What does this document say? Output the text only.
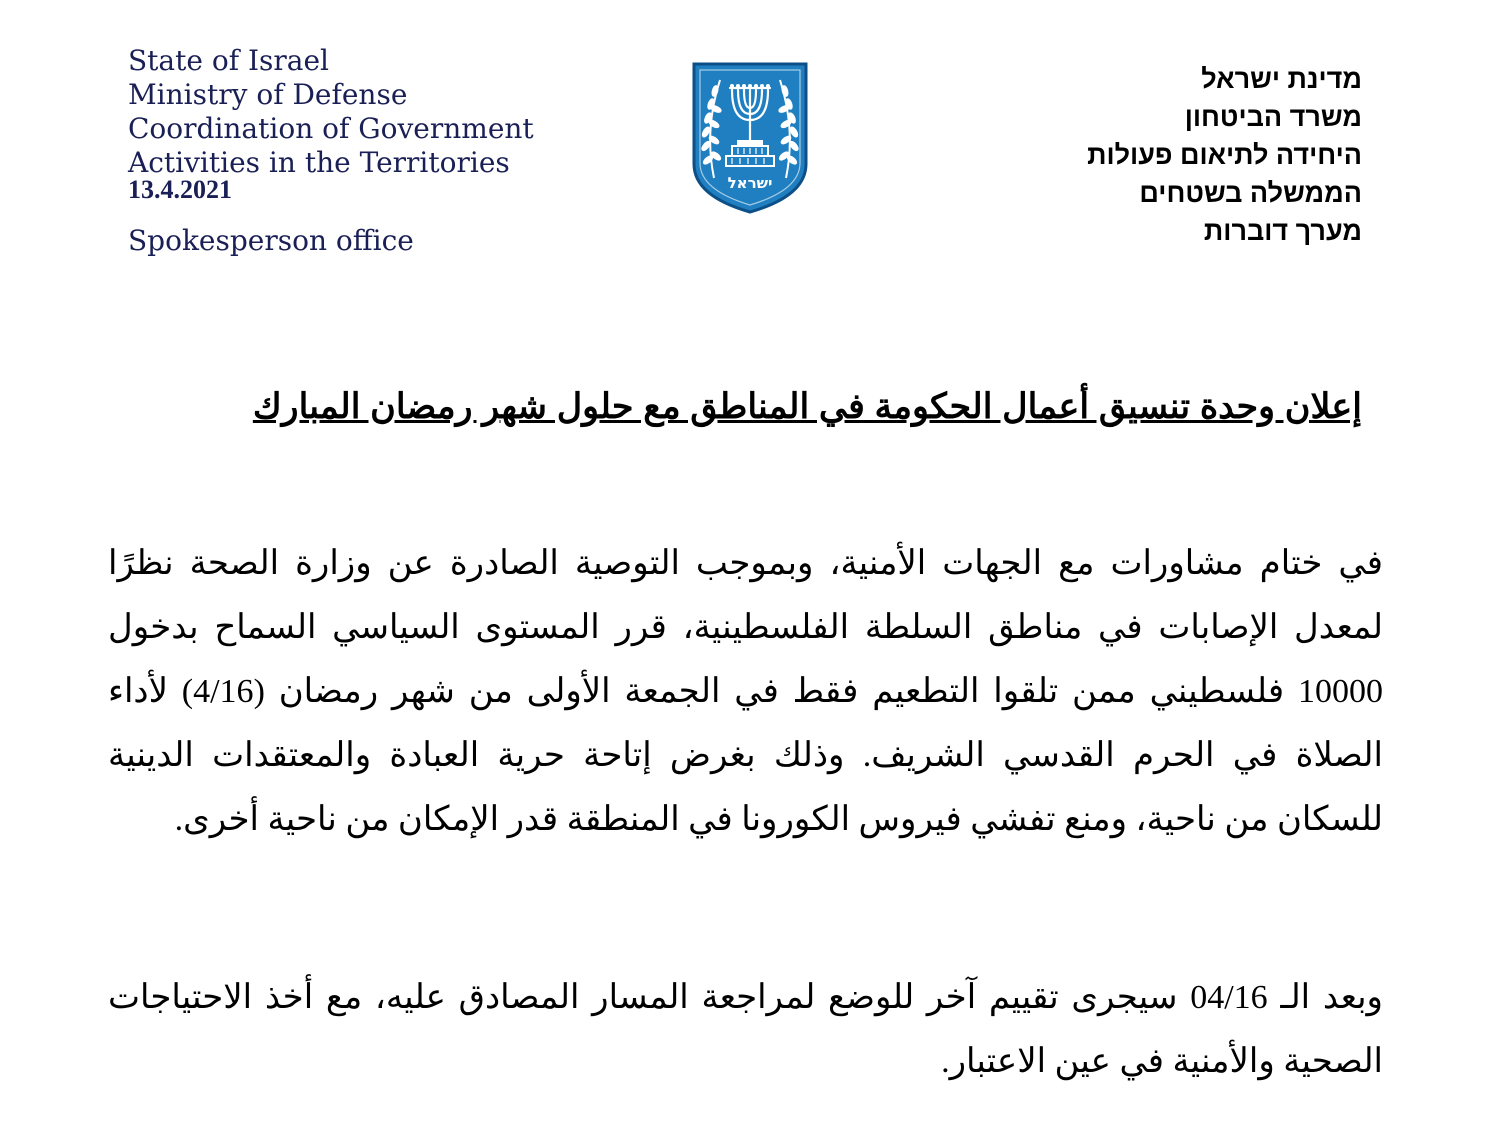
State of Israel
Ministry of Defense
Coordination of Government
Activities in the Territories
13.4.2021
Spokesperson office
ישראל
מדינת ישראל
משרד הביטחון
היחידה לתיאום פעולות
הממשלה בשטחים
מערך דוברות
إعلان وحدة تنسيق أعمال الحكومة في المناطق مع حلول شهر رمضان المبارك
في ختام مشاورات مع الجهات الأمنية، وبموجب التوصية الصادرة عن وزارة الصحة نظرًا لمعدل الإصابات في مناطق السلطة الفلسطينية، قرر المستوى السياسي السماح بدخول 10000 فلسطيني ممن تلقوا التطعيم فقط في الجمعة الأولى من شهر رمضان (4/16) لأداء الصلاة في الحرم القدسي الشريف. وذلك بغرض إتاحة حرية العبادة والمعتقدات الدينية للسكان من ناحية، ومنع تفشي فيروس الكورونا في المنطقة قدر الإمكان من ناحية أخرى.
وبعد الـ 04/16 سيجرى تقييم آخر للوضع لمراجعة المسار المصادق عليه، مع أخذ الاحتياجات الصحية والأمنية في عين الاعتبار.
